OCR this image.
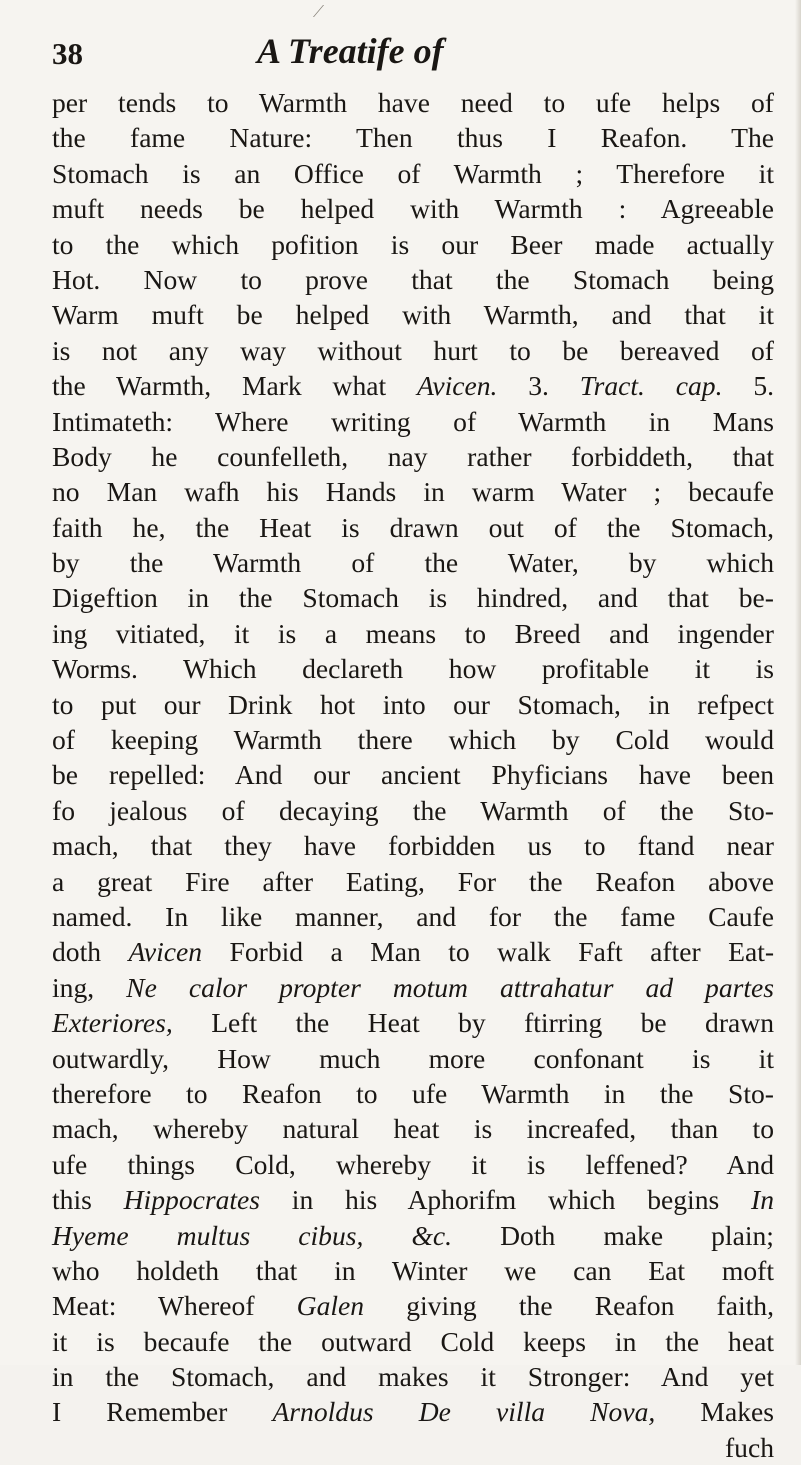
38	A Treatife of
per tends to Warmth have need to ufe helps of
the fame Nature: Then thus I Reafon. The
Stomach is an Office of Warmth ; Therefore it
muft needs be helped with Warmth : Agreeable
to the which pofition is our Beer made actually
Hot. Now to prove that the Stomach being
Warm muft be helped with Warmth, and that it
is not any way without hurt to be bereaved of
the Warmth, Mark what Avicen. 3. Tract. cap. 5.
Intimateth: Where writing of Warmth in Mans
Body he counfelleth, nay rather forbiddeth, that
no Man wafh his Hands in warm Water ; becaufe
faith he, the Heat is drawn out of the Stomach,
by the Warmth of the Water, by which
Digeftion in the Stomach is hindred, and that be-
ing vitiated, it is a means to Breed and ingender
Worms. Which declareth how profitable it is
to put our Drink hot into our Stomach, in refpect
of keeping Warmth there which by Cold would
be repelled: And our ancient Phyficians have been
fo jealous of decaying the Warmth of the Sto-
mach, that they have forbidden us to ftand near
a great Fire after Eating, For the Reafon above
named. In like manner, and for the fame Caufe
doth Avicen Forbid a Man to walk Faft after Eat-
ing, Ne calor propter motum attrahatur ad partes
Exteriores, Left the Heat by ftirring be drawn
outwardly, How much more confonant is it
therefore to Reafon to ufe Warmth in the Sto-
mach, whereby natural heat is increafed, than to
ufe things Cold, whereby it is leffened? And
this Hippocrates in his Aphorifm which begins In
Hyeme multus cibus, &c. Doth make plain;
who holdeth that in Winter we can Eat moft
Meat: Whereof Galen giving the Reafon faith,
it is becaufe the outward Cold keeps in the heat
in the Stomach, and makes it Stronger: And yet
I Remember Arnoldus De villa Nova, Makes
fuch
